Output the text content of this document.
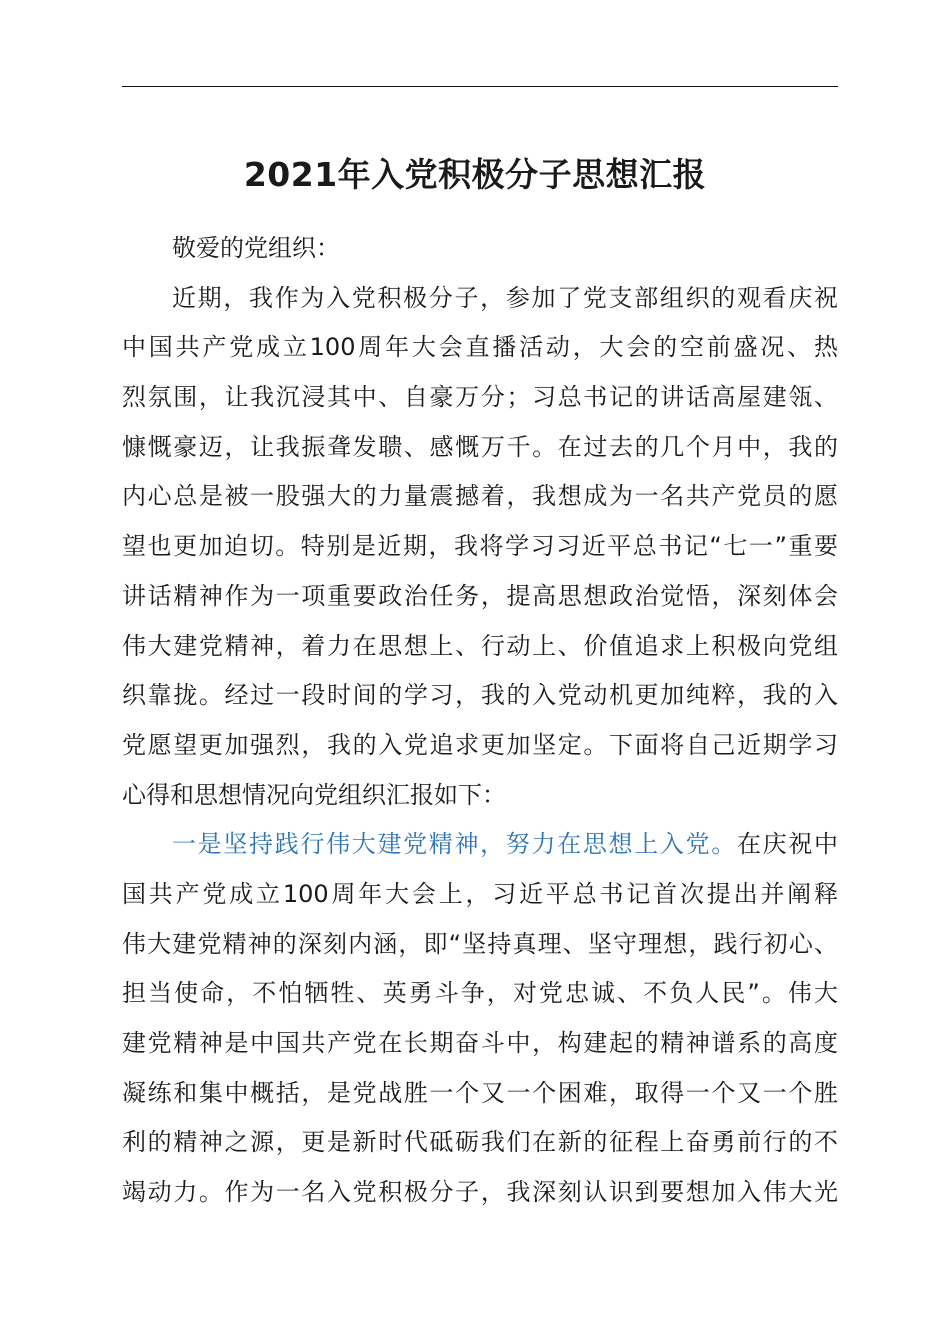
2021年入党积极分子思想汇报
敬爱的党组织：
近期，我作为入党积极分子，参加了党支部组织的观看庆祝
中国共产党成立100周年大会直播活动，大会的空前盛况、热
烈氛围，让我沉浸其中、自豪万分；习总书记的讲话高屋建瓴、
慷慨豪迈，让我振聋发聩、感慨万千。在过去的几个月中，我的
内心总是被一股强大的力量震撼着，我想成为一名共产党员的愿
望也更加迫切。特别是近期，我将学习习近平总书记“七一”重要
讲话精神作为一项重要政治任务，提高思想政治觉悟，深刻体会
伟大建党精神，着力在思想上、行动上、价值追求上积极向党组
织靠拢。经过一段时间的学习，我的入党动机更加纯粹，我的入
党愿望更加强烈，我的入党追求更加坚定。下面将自己近期学习
心得和思想情况向党组织汇报如下：
一是坚持践行伟大建党精神，努力在思想上入党。在庆祝中
国共产党成立100周年大会上，习近平总书记首次提出并阐释
伟大建党精神的深刻内涵，即“坚持真理、坚守理想，践行初心、
担当使命，不怕牺牲、英勇斗争，对党忠诚、不负人民”。伟大
建党精神是中国共产党在长期奋斗中，构建起的精神谱系的高度
凝练和集中概括，是党战胜一个又一个困难，取得一个又一个胜
利的精神之源，更是新时代砥砺我们在新的征程上奋勇前行的不
竭动力。作为一名入党积极分子，我深刻认识到要想加入伟大光
